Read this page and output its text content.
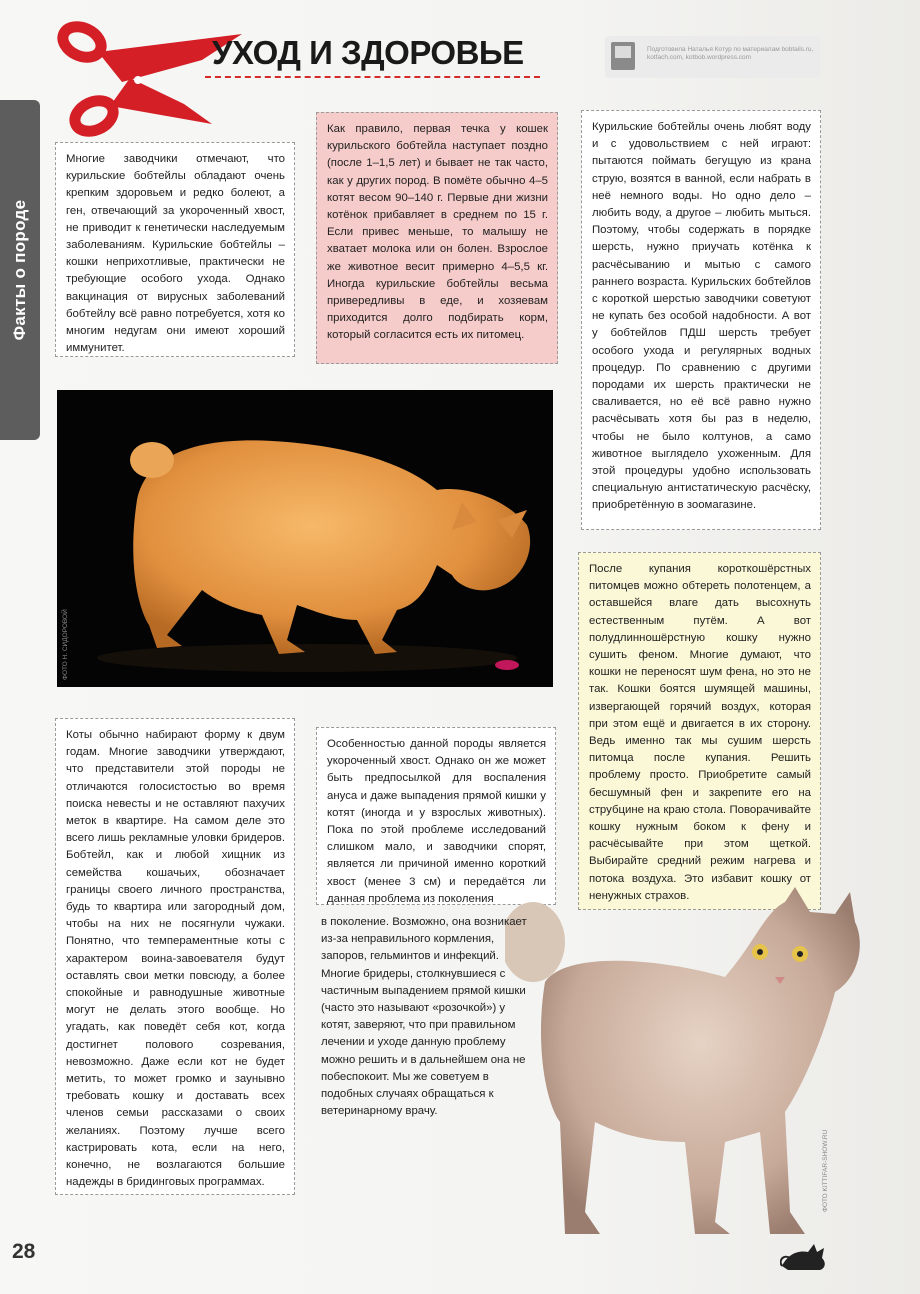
Факты о породе
УХОД И ЗДОРОВЬЕ	Подготовила Наталья Котур по материалам bobtails.ru, kotfach.com, kotbob.wordpress.com

Многие заводчики отмечают, что курильские бобтейлы обладают очень крепким здоровьем и редко болеют, а ген, отвечающий за укороченный хвост, не приводит к генетически наследуемым заболеваниям. Курильские бобтейлы – кошки неприхотливые, практически не требующие особого ухода. Однако вакцинация от вирусных заболеваний бобтейлу всё равно потребуется, хотя ко многим недугам они имеют хороший иммунитет.

Как правило, первая течка у кошек курильского бобтейла наступает поздно (после 1–1,5 лет) и бывает не так часто, как у других пород. В помёте обычно 4–5 котят весом 90–140 г. Первые дни жизни котёнок прибавляет в среднем по 15 г. Если привес меньше, то малышу не хватает молока или он болен. Взрослое же животное весит примерно 4–5,5 кг. Иногда курильские бобтейлы весьма привередливы в еде, и хозяевам приходится долго подбирать корм, который согласится есть их питомец.

Курильские бобтейлы очень любят воду и с удовольствием с ней играют: пытаются поймать бегущую из крана струю, возятся в ванной, если набрать в неё немного воды. Но одно дело – любить воду, а другое – любить мыться. Поэтому, чтобы содержать в порядке шерсть, нужно приучать котёнка к расчёсыванию и мытью с самого раннего возраста. Курильских бобтейлов с короткой шерстью заводчики советуют не купать без особой надобности. А вот у бобтейлов ПДШ шерсть требует особого ухода и регулярных водных процедур. По сравнению с другими породами их шерсть практически не сваливается, но её всё равно нужно расчёсывать хотя бы раз в неделю, чтобы не было колтунов, а само животное выглядело ухоженным. Для этой процедуры удобно использовать специальную антистатическую расчёску, приобретённую в зоомагазине.

ФОТО Н. СИДОРОВОЙ

После купания короткошёрстных питомцев можно обтереть полотенцем, а оставшейся влаге дать высохнуть естественным путём. А вот полудлинношёрстную кошку нужно сушить феном. Многие думают, что кошки не переносят шум фена, но это не так. Кошки боятся шумящей машины, извергающей горячий воздух, которая при этом ещё и двигается в их сторону. Ведь именно так мы сушим шерсть питомца после купания. Решить проблему просто. Приобретите самый бесшумный фен и закрепите его на струбцине на краю стола. Поворачивайте кошку нужным боком к фену и расчёсывайте при этом щеткой. Выбирайте средний режим нагрева и потока воздуха. Это избавит кошку от ненужных страхов.

Коты обычно набирают форму к двум годам. Многие заводчики утверждают, что представители этой породы не отличаются голосистостью во время поиска невесты и не оставляют пахучих меток в квартире. На самом деле это всего лишь рекламные уловки бридеров. Бобтейл, как и любой хищник из семейства кошачьих, обозначает границы своего личного пространства, будь то квартира или загородный дом, чтобы на них не посягнули чужаки. Понятно, что темпераментные коты с характером воина-завоевателя будут оставлять свои метки повсюду, а более спокойные и равнодушные животные могут не делать этого вообще. Но угадать, как поведёт себя кот, когда достигнет полового созревания, невозможно. Даже если кот не будет метить, то может громко и заунывно требовать кошку и доставать всех членов семьи рассказами о своих желаниях. Поэтому лучше всего кастрировать кота, если на него, конечно, не возлагаются большие надежды в бридинговых программах.

Особенностью данной породы является укороченный хвост. Однако он же может быть предпосылкой для воспаления ануса и даже выпадения прямой кишки у котят (иногда и у взрослых животных). Пока по этой проблеме исследований слишком мало, и заводчики спорят, является ли причиной именно короткий хвост (менее 3 см) и передаётся ли данная проблема из поколения

ФОТО KITTIFAR-SHOW.RU

в поколение. Возможно, она возникает из-за неправильного кормления, запоров, гельминтов и инфекций. Многие бридеры, столкнувшиеся с частичным выпадением прямой кишки (часто это называют «розочкой») у котят, заверяют, что при правильном лечении и уходе данную проблему можно решить и в дальнейшем она не побеспокоит. Мы же советуем в подобных случаях обращаться к ветеринарному врачу.

28
